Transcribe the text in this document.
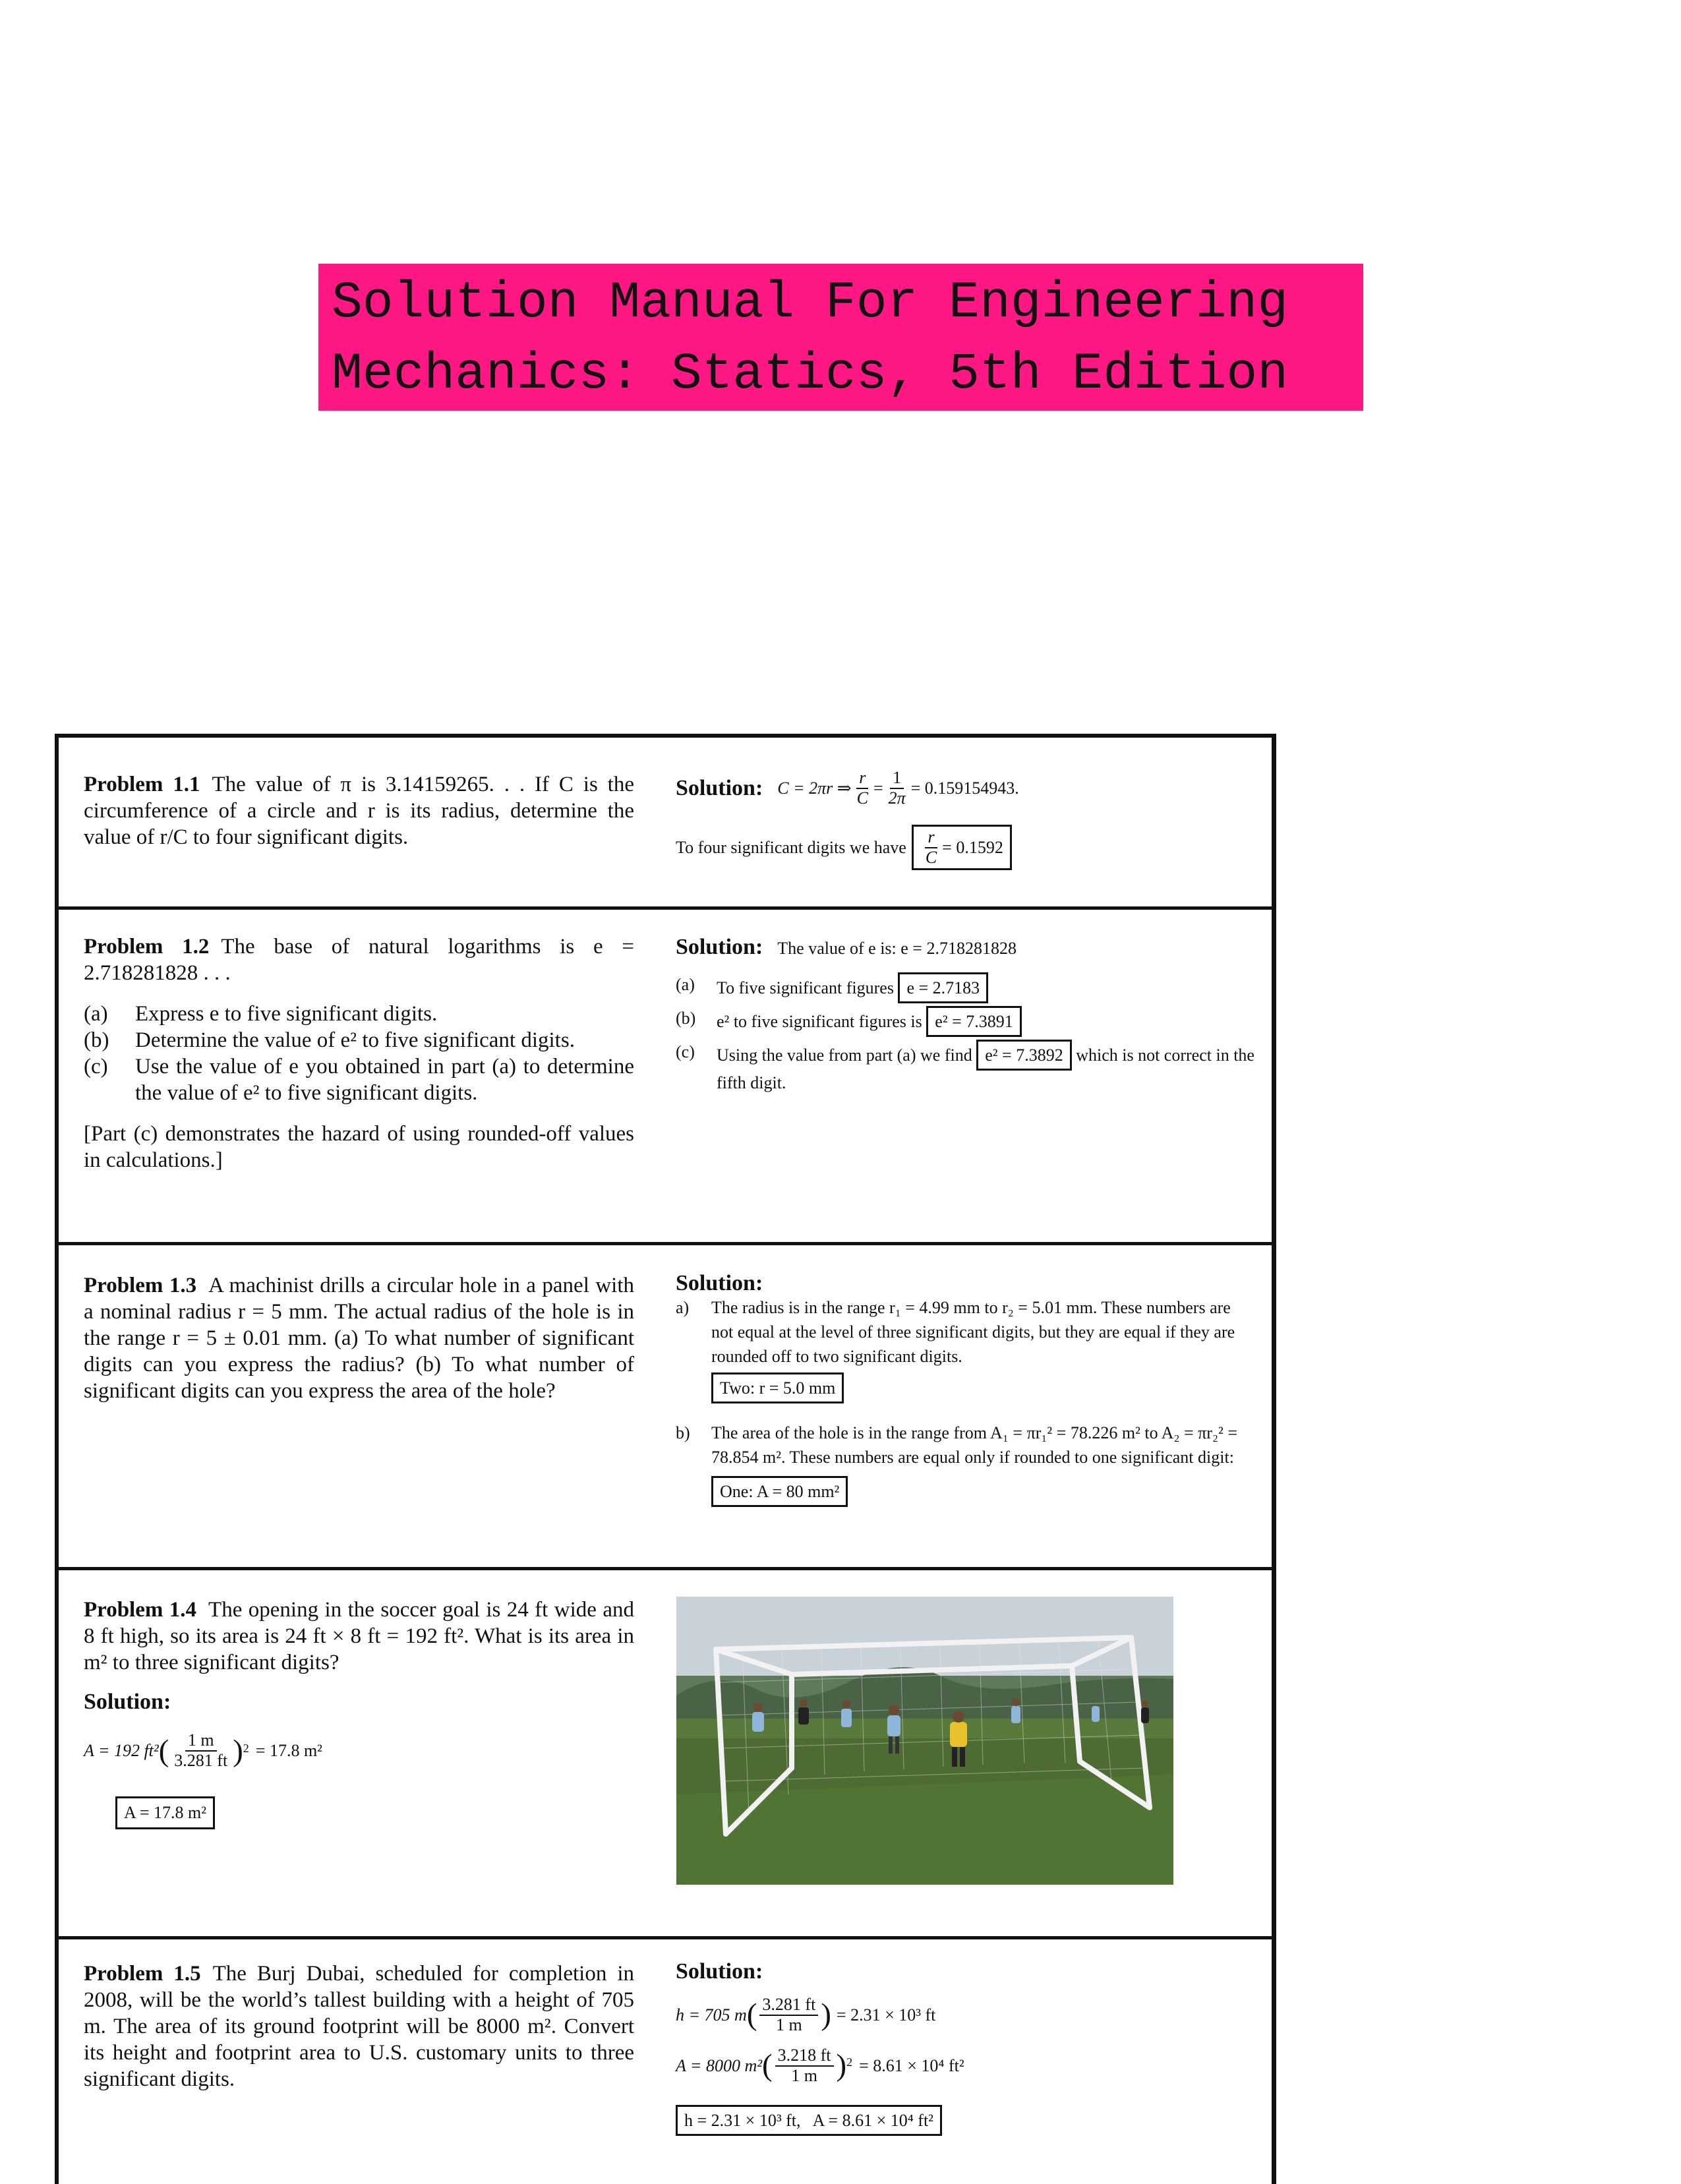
Solution Manual For Engineering
Mechanics: Statics, 5th Edition
Problem 1.1 The value of π is 3.14159265. . . If C is the circumference of a circle and r is its radius, determine the value of r/C to four significant digits.
Solution: C = 2πr ⇒ $\frac{r}{C} = \frac{1}{2\pi} = 0.159154943$.
To four significant digits we have $\frac{r}{C} = 0.1592$
Problem 1.2 The base of natural logarithms is e = 2.718281828 . . .
(a)	Express e to five significant digits.
(b)	Determine the value of e² to five significant digits.
(c)	Use the value of e you obtained in part (a) to determine the value of e² to five significant digits.
[Part (c) demonstrates the hazard of using rounded-off values in calculations.]
Solution: The value of e is: e = 2.718281828
(a)	To five significant figures e = 2.7183
(b)	e² to five significant figures is e² = 7.3891
(c)	Using the value from part (a) we find e² = 7.3892 which is not correct in the fifth digit.
Problem 1.3 A machinist drills a circular hole in a panel with a nominal radius r = 5 mm. The actual radius of the hole is in the range r = 5 ± 0.01 mm. (a) To what number of significant digits can you express the radius? (b) To what number of significant digits can you express the area of the hole?
Solution:
a)	The radius is in the range r₁ = 4.99 mm to r₂ = 5.01 mm. These numbers are not equal at the level of three significant digits, but they are equal if they are rounded off to two significant digits.
Two: r = 5.0 mm
b)	The area of the hole is in the range from A₁ = πr₁² = 78.226 m² to A₂ = πr₂² = 78.854 m². These numbers are equal only if rounded to one significant digit:
One: A = 80 mm²
Problem 1.4 The opening in the soccer goal is 24 ft wide and 8 ft high, so its area is 24 ft × 8 ft = 192 ft². What is its area in m² to three significant digits?
Solution:
A = 192 ft² ( $\frac{1 m}{3.281 ft}$ ) 2 = 17.8 m²
A = 17.8 m²
Problem 1.5 The Burj Dubai, scheduled for completion in 2008, will be the world’s tallest building with a height of 705 m. The area of its ground footprint will be 8000 m². Convert its height and footprint area to U.S. customary units to three significant digits.
Solution:
h = 705 m ( $\frac{3.281 ft}{1 m}$ ) = 2.31 × 10³ ft
A = 8000 m² ( $\frac{3.218 ft}{1 m}$ ) 2 = 8.61 × 10⁴ ft²
h = 2.31 × 10³ ft,   A = 8.61 × 10⁴ ft²
